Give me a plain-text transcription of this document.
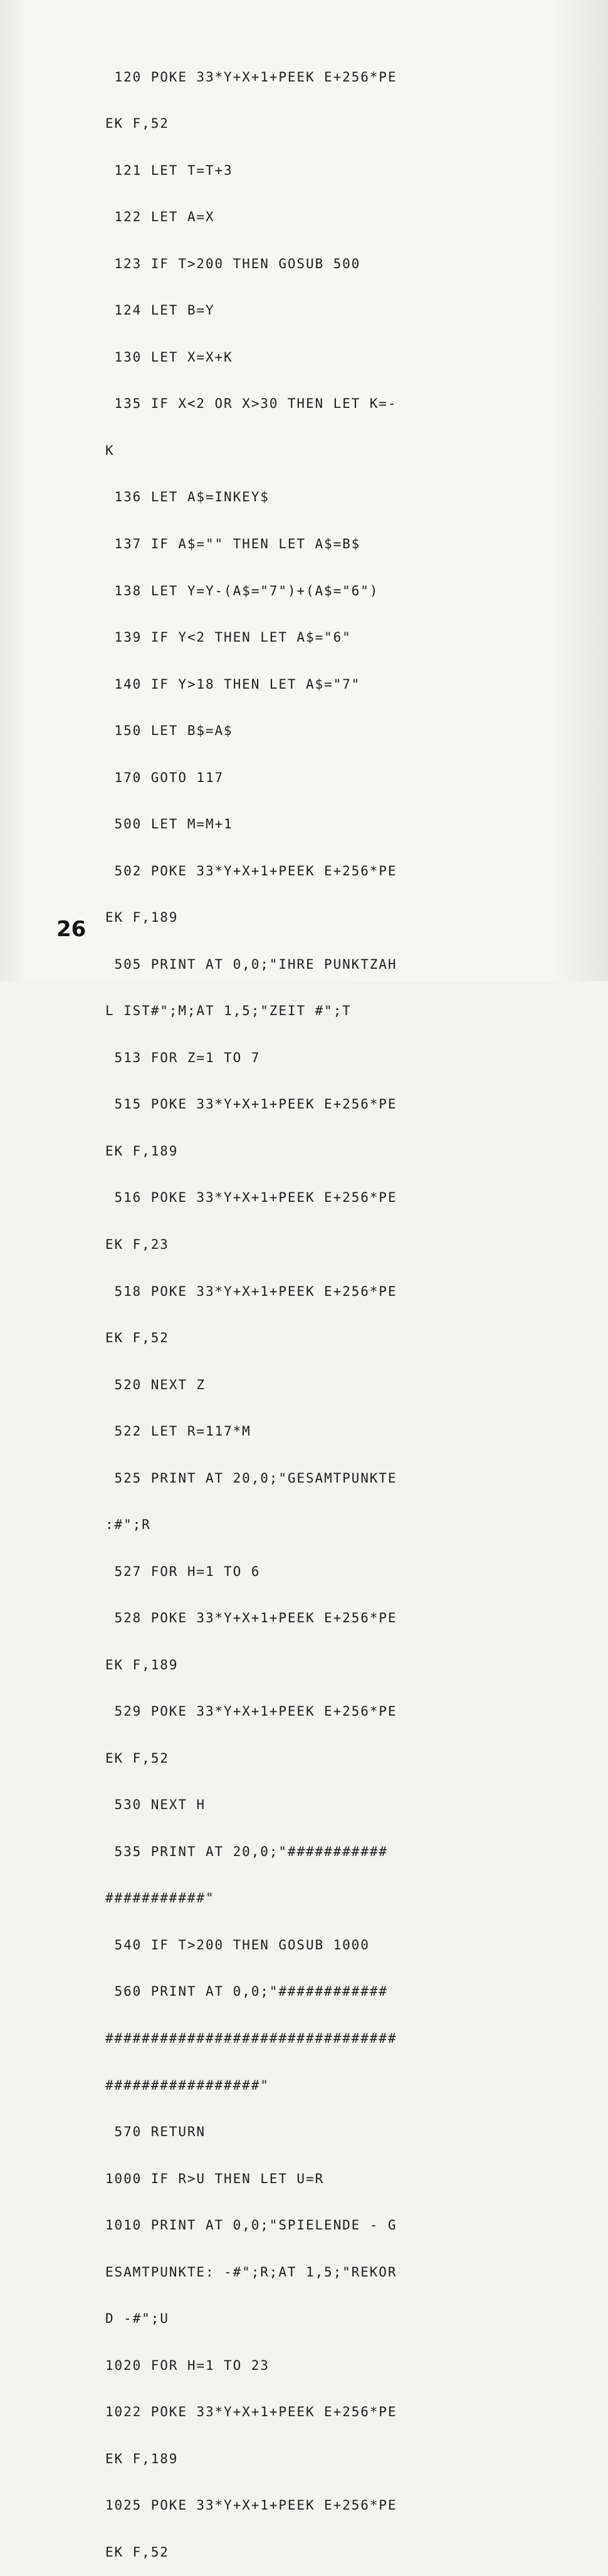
120 POKE 33*Y+X+1+PEEK E+256*PE

EK F,52

121 LET T=T+3

122 LET A=X

123 IF T>200 THEN GOSUB 500

124 LET B=Y

130 LET X=X+K

135 IF X<2 OR X>30 THEN LET K=-

K

136 LET A$=INKEY$

137 IF A$="" THEN LET A$=B$

138 LET Y=Y-(A$="7")+(A$="6")

139 IF Y<2 THEN LET A$="6"

140 IF Y>18 THEN LET A$="7"

150 LET B$=A$

170 GOTO 117

500 LET M=M+1

502 POKE 33*Y+X+1+PEEK E+256*PE

EK F,189

505 PRINT AT 0,0;"IHRE PUNKTZAH

L IST#";M;AT 1,5;"ZEIT #";T

513 FOR Z=1 TO 7

515 POKE 33*Y+X+1+PEEK E+256*PE

EK F,189

516 POKE 33*Y+X+1+PEEK E+256*PE

EK F,23

518 POKE 33*Y+X+1+PEEK E+256*PE

EK F,52

520 NEXT Z

522 LET R=117*M

525 PRINT AT 20,0;"GESAMTPUNKTE

:#";R

527 FOR H=1 TO 6

528 POKE 33*Y+X+1+PEEK E+256*PE

EK F,189

529 POKE 33*Y+X+1+PEEK E+256*PE

EK F,52

530 NEXT H

535 PRINT AT 20,0;"###########

###########"

540 IF T>200 THEN GOSUB 1000

560 PRINT AT 0,0;"############

################################

#################"

570 RETURN

1000 IF R>U THEN LET U=R

1010 PRINT AT 0,0;"SPIELENDE - G

ESAMTPUNKTE: -#";R;AT 1,5;"REKOR

D -#";U

1020 FOR H=1 TO 23

1022 POKE 33*Y+X+1+PEEK E+256*PE

EK F,189

1025 POKE 33*Y+X+1+PEEK E+256*PE

EK F,52

26
